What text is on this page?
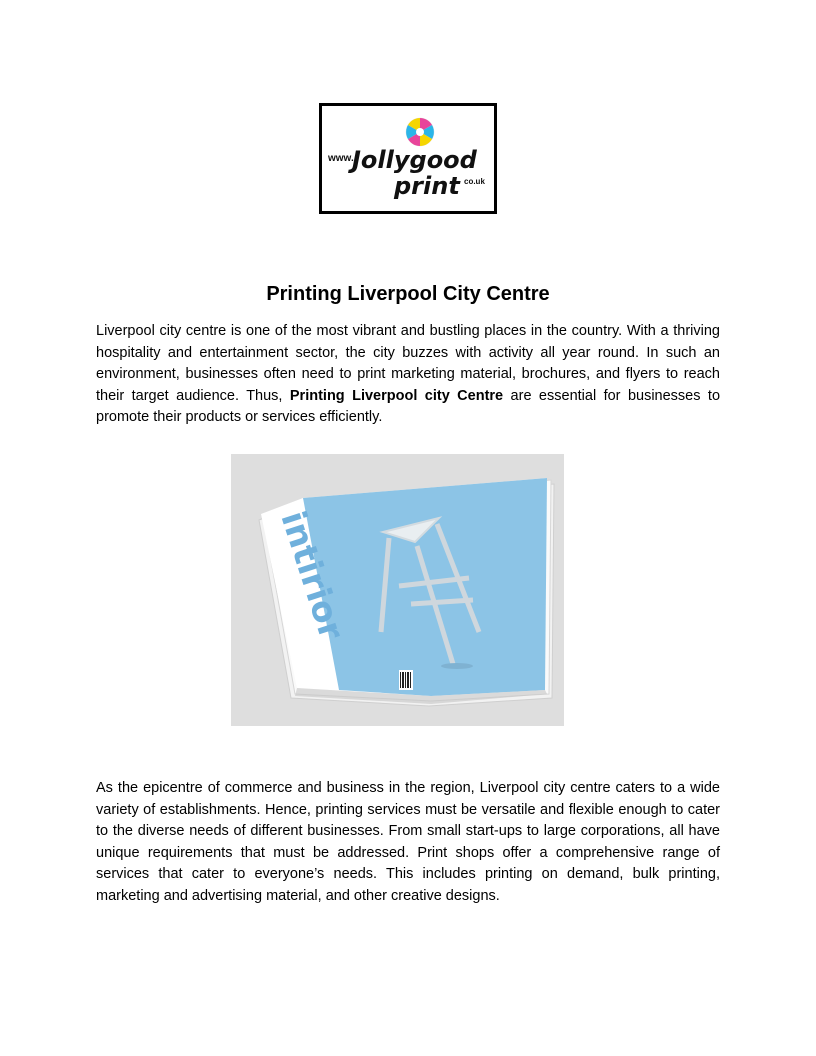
www.
Jollygood
print co.uk
Printing Liverpool City Centre

Liverpool city centre is one of the most vibrant and bustling places in the country. With a thriving hospitality and entertainment sector, the city buzzes with activity all year round. In such an environment, businesses often need to print marketing material, brochures, and flyers to reach their target audience. Thus, Printing Liverpool city Centre are essential for businesses to promote their products or services efficiently.

intirior

As the epicentre of commerce and business in the region, Liverpool city centre caters to a wide variety of establishments. Hence, printing services must be versatile and flexible enough to cater to the diverse needs of different businesses. From small start-ups to large corporations, all have unique requirements that must be addressed. Print shops offer a comprehensive range of services that cater to everyone’s needs. This includes printing on demand, bulk printing, marketing and advertising material, and other creative designs.
